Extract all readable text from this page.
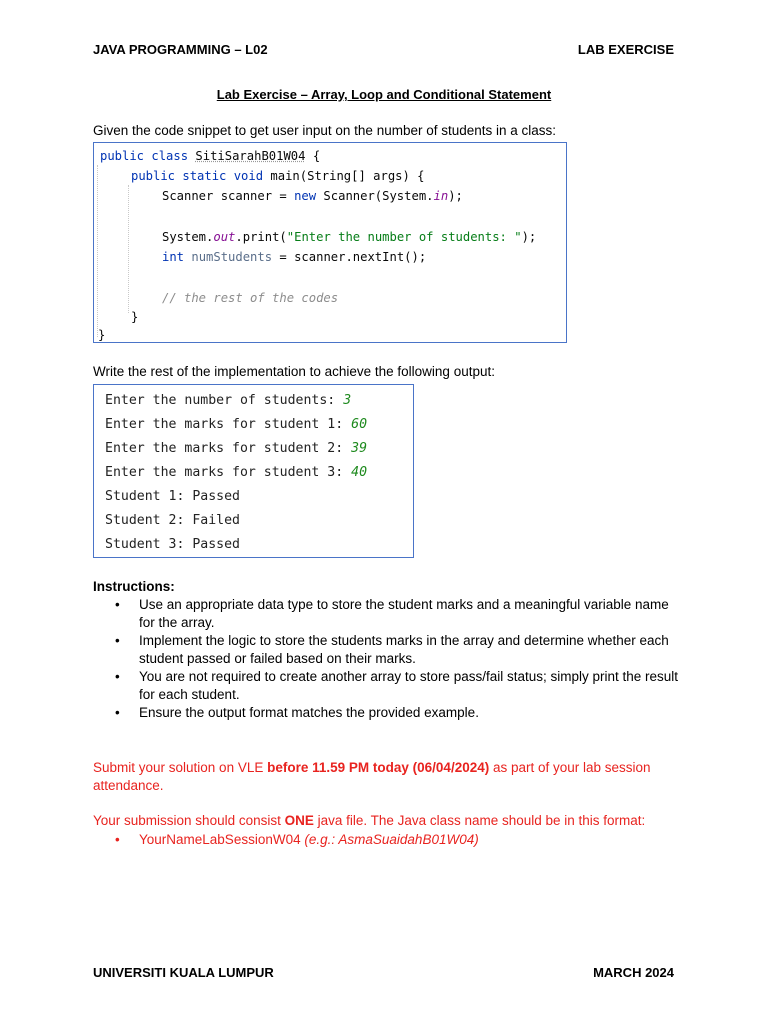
JAVA PROGRAMMING – L02	LAB EXERCISE
Lab Exercise – Array, Loop and Conditional Statement
Given the code snippet to get user input on the number of students in a class:
public class SitiSarahB01W04 {
public static void main(String[] args) {
Scanner scanner = new Scanner(System.in);
System.out.print("Enter the number of students: ");
int numStudents = scanner.nextInt();
// the rest of the codes
}
}
Write the rest of the implementation to achieve the following output:
Enter the number of students: 3
Enter the marks for student 1: 60
Enter the marks for student 2: 39
Enter the marks for student 3: 40
Student 1: Passed
Student 2: Failed
Student 3: Passed
Instructions:
• Use an appropriate data type to store the student marks and a meaningful variable name for the array.
• Implement the logic to store the students marks in the array and determine whether each student passed or failed based on their marks.
• You are not required to create another array to store pass/fail status; simply print the result for each student.
• Ensure the output format matches the provided example.
Submit your solution on VLE before 11.59 PM today (06/04/2024) as part of your lab session attendance.
Your submission should consist ONE java file. The Java class name should be in this format:
• YourNameLabSessionW04 (e.g.: AsmaSuaidahB01W04)
UNIVERSITI KUALA LUMPUR	MARCH 2024
